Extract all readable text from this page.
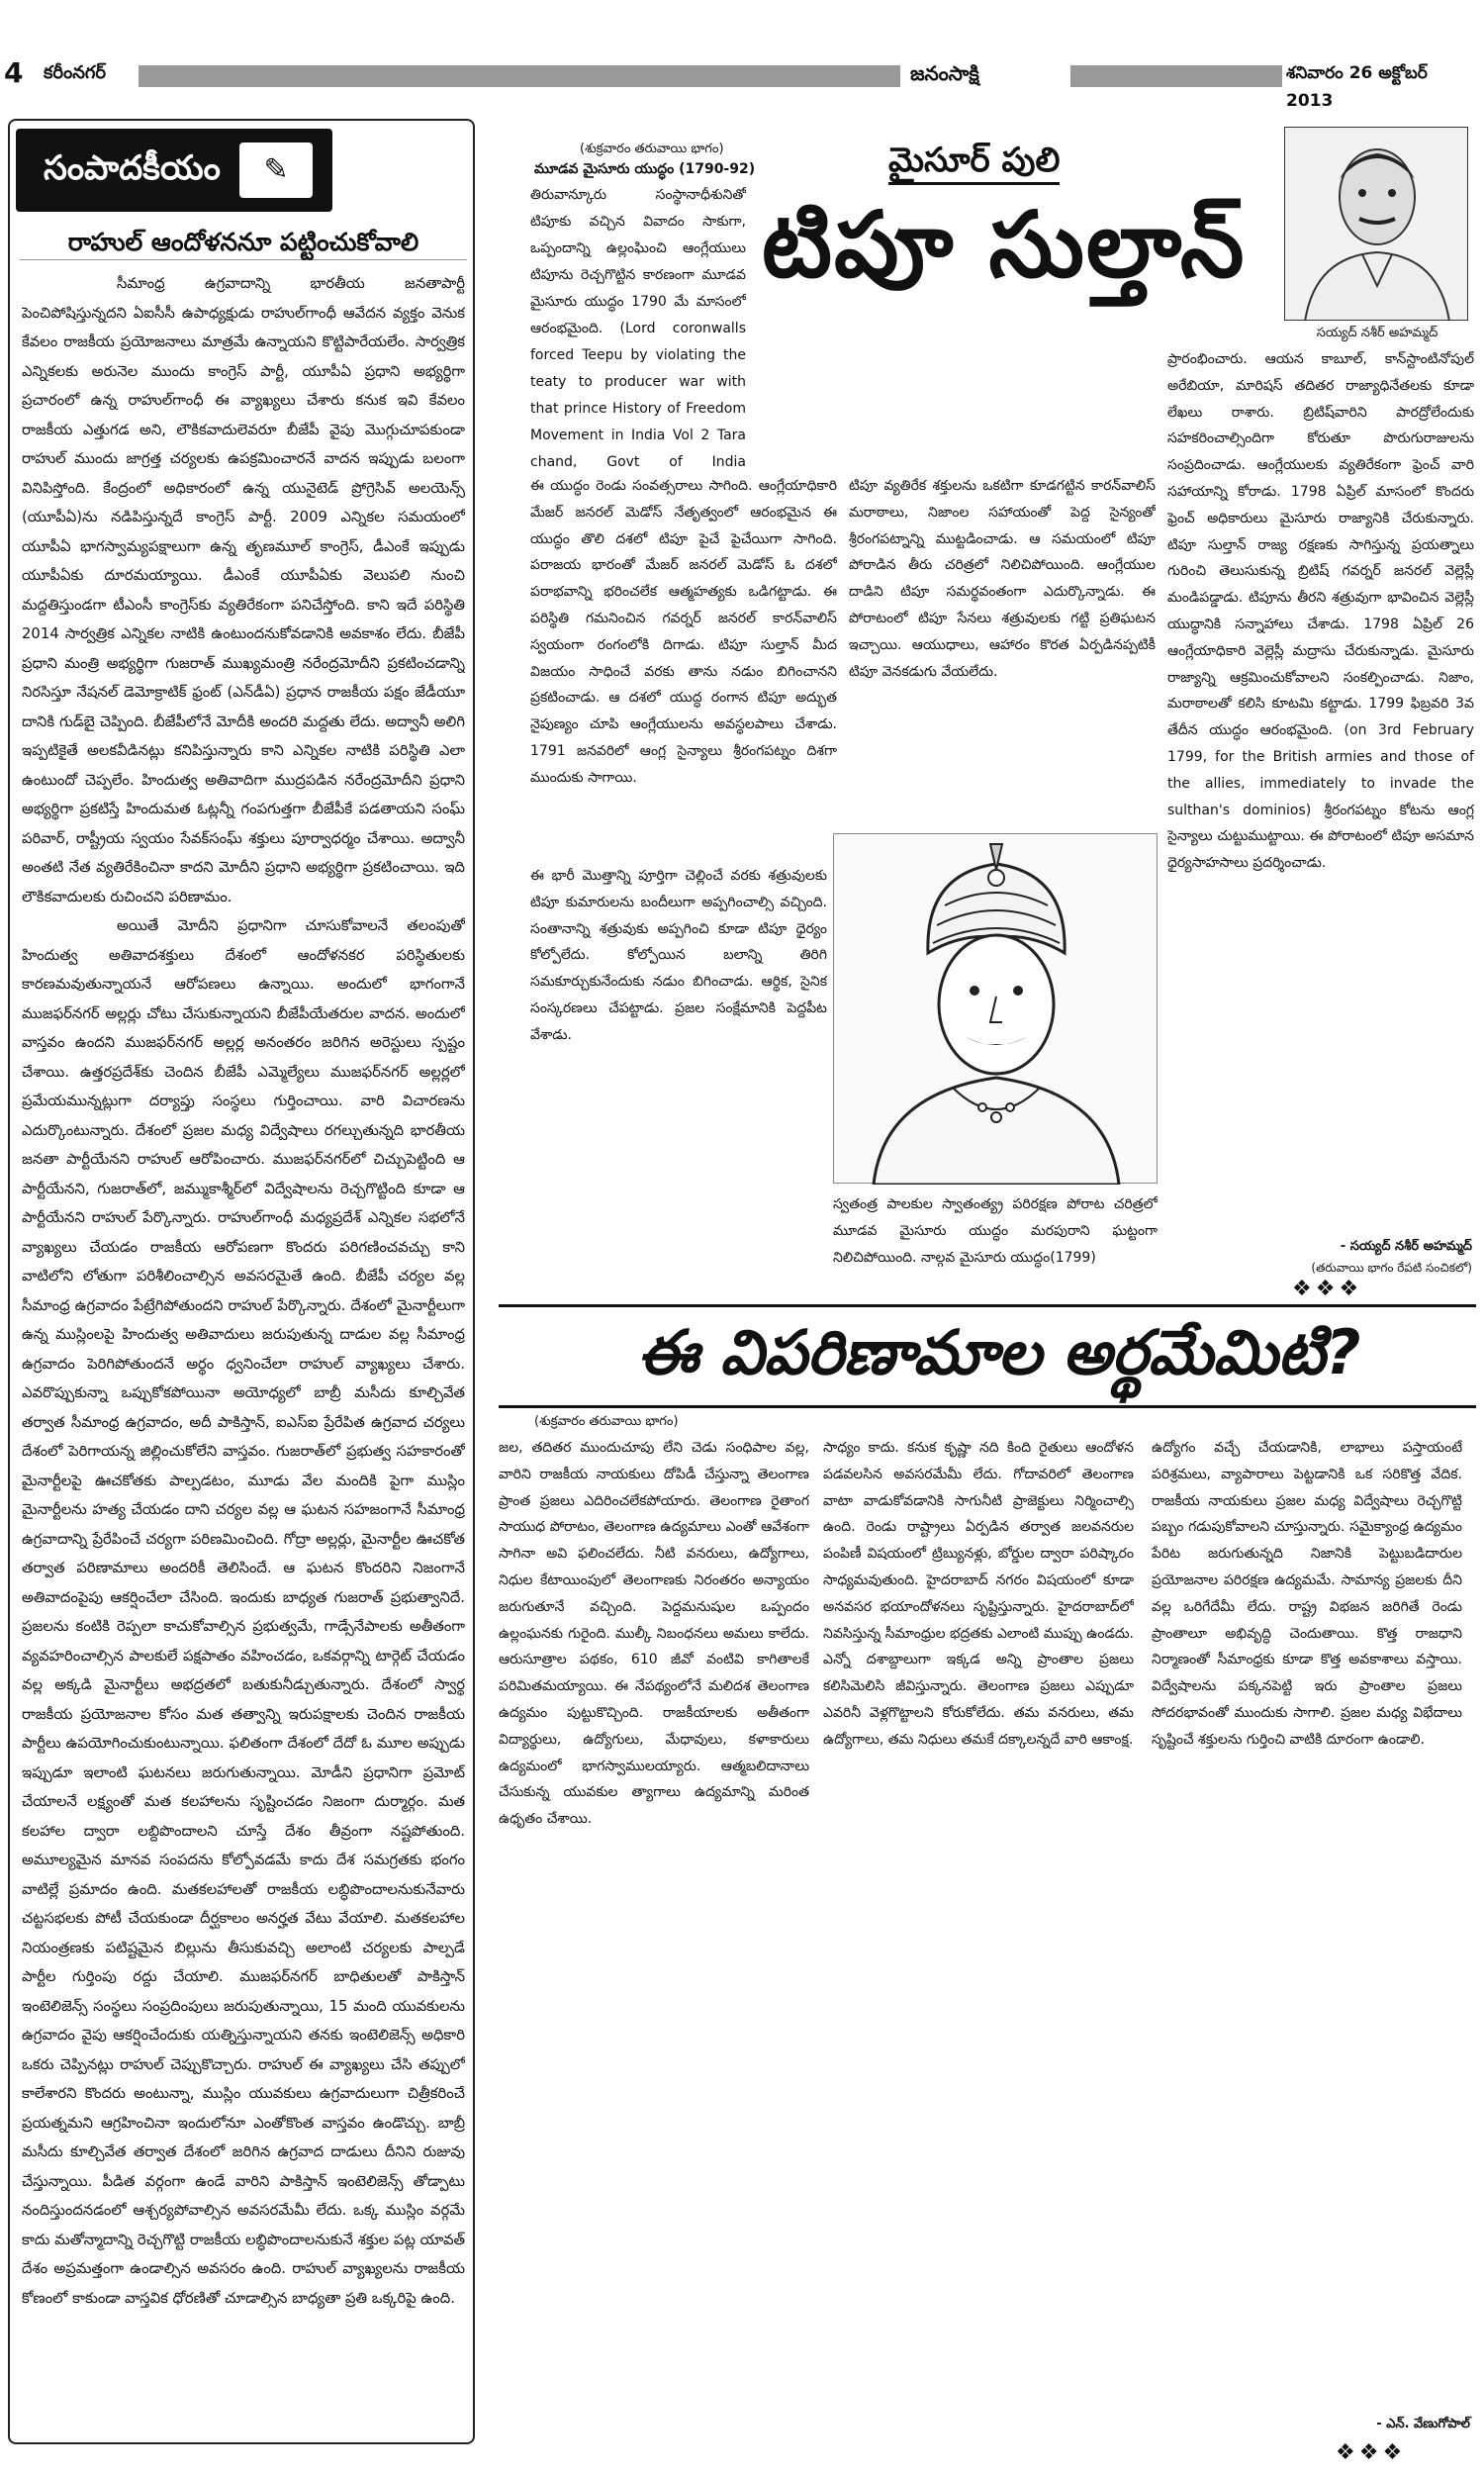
4 కరీంనగర్	జనంసాక్షి	శనివారం 26 అక్టోబర్ 2013
సంపాదకీయం	✎
రాహుల్ ఆందోళననూ పట్టించుకోవాలి

సీమాంధ్ర ఉగ్రవాదాన్ని భారతీయ జనతాపార్టీ పెంచిపోషిస్తున్నదని ఏఐసీసీ ఉపాధ్యక్షుడు రాహుల్‌గాంధీ ఆవేదన వ్యక్తం వెనుక కేవలం రాజకీయ ప్రయోజనాలు మాత్రమే ఉన్నాయని కొట్టిపారేయలేం. సార్వత్రిక ఎన్నికలకు అరునెల ముందు కాంగ్రెస్ పార్టీ, యూపీఏ ప్రధాని అభ్యర్థిగా ప్రచారంలో ఉన్న రాహుల్‌గాంధీ ఈ వ్యాఖ్యలు చేశారు కనుక ఇవి కేవలం రాజకీయ ఎత్తుగడ అని, లౌకికవాదులెవరూ బీజేపీ వైపు మొగ్గుచూపకుండా రాహుల్ ముందు జాగ్రత్త చర్యలకు ఉపక్రమించారనే వాదన ఇప్పుడు బలంగా వినిపిస్తోంది. కేంద్రంలో అధికారంలో ఉన్న యునైటెడ్ ప్రోగ్రెసివ్ అలయెన్స్ (యూపీఏ)ను నడిపిస్తున్నదే కాంగ్రెస్ పార్టీ. 2009 ఎన్నికల సమయంలో యూపీఏ భాగస్వామ్యపక్షాలుగా ఉన్న తృణమూల్ కాంగ్రెస్, డీఎంకే ఇప్పుడు యూపీఏకు దూరమయ్యాయి. డీఎంకే యూపీఏకు వెలుపలి నుంచి మద్దతిస్తుండగా టీఎంసీ కాంగ్రెస్‌కు వ్యతిరేకంగా పనిచేస్తోంది. కాని ఇదే పరిస్థితి 2014 సార్వత్రిక ఎన్నికల నాటికి ఉంటుందనుకోవడానికి అవకాశం లేదు. బీజేపీ ప్రధాని మంత్రి అభ్యర్థిగా గుజరాత్ ముఖ్యమంత్రి నరేంద్రమోదీని ప్రకటించడాన్ని నిరసిస్తూ నేషనల్ డెమోక్రాటిక్ ఫ్రంట్ (ఎన్‌డీఏ) ప్రధాన రాజకీయ పక్షం జేడీయూ దానికి గుడ్‌బై చెప్పింది. బీజేపీలోనే మోదీకి అందరి మద్దతు లేదు. అద్వానీ అలిగి ఇప్పటికైతే అలకవీడినట్లు కనిపిస్తున్నారు కాని ఎన్నికల నాటికి పరిస్థితి ఎలా ఉంటుందో చెప్పలేం. హిందుత్వ అతివాదిగా ముద్రపడిన నరేంద్రమోదీని ప్రధాని అభ్యర్థిగా ప్రకటిస్తే హిందుమత ఓట్లన్నీ గంపగుత్తగా బీజేపీకే పడతాయని సంఘ్ పరివార్, రాష్ట్రీయ స్వయం సేవక్‌సంఘ్ శక్తులు పూర్వాధర్మం చేశాయి. అద్వానీ అంతటి నేత వ్యతిరేకించినా కాదని మోదీని ప్రధాని అభ్యర్థిగా ప్రకటించాయి. ఇది లౌకికవాదులకు రుచించని పరిణామం.

అయితే మోదీని ప్రధానిగా చూసుకోవాలనే తలంపుతో హిందుత్వ అతివాదశక్తులు దేశంలో ఆందోళనకర పరిస్థితులకు కారణమవుతున్నాయనే ఆరోపణలు ఉన్నాయి. అందులో భాగంగానే ముజఫర్‌నగర్ అల్లర్లు చోటు చేసుకున్నాయని బీజేపీయేతరుల వాదన. అందులో వాస్తవం ఉందని ముజఫర్‌నగర్ అల్లర్ల అనంతరం జరిగిన అరెస్టులు స్పష్టం చేశాయి. ఉత్తరప్రదేశ్‌కు చెందిన బీజేపీ ఎమ్మెల్యేలు ముజఫర్‌నగర్ అల్లర్లలో ప్రమేయమున్నట్లుగా దర్యాప్తు సంస్థలు గుర్తించాయి. వారి విచారణను ఎదుర్కొంటున్నారు. దేశంలో ప్రజల మధ్య విద్వేషాలు రగల్చుతున్నది భారతీయ జనతా పార్టీయేనని రాహుల్ ఆరోపించారు. ముజఫర్‌నగర్‌లో చిచ్చుపెట్టింది ఆ పార్టీయేనని, గుజరాత్‌లో, జమ్ముకాశ్మీర్‌లో విద్వేషాలను రెచ్చగొట్టింది కూడా ఆ పార్టీయేనని రాహుల్ పేర్కొన్నారు. రాహుల్‌గాంధీ మధ్యప్రదేశ్ ఎన్నికల సభలోనే వ్యాఖ్యలు చేయడం రాజకీయ ఆరోపణగా కొందరు పరిగణించవచ్చు కాని వాటిలోని లోతుగా పరిశీలించాల్సిన అవసరమైతే ఉంది. బీజేపీ చర్యల వల్ల సీమాంధ్ర ఉగ్రవాదం పేట్రేగిపోతుందని రాహుల్ పేర్కొన్నారు. దేశంలో మైనార్టీలుగా ఉన్న ముస్లింలపై హిందుత్వ అతివాదులు జరుపుతున్న దాడుల వల్ల సీమాంధ్ర ఉగ్రవాదం పెరిగిపోతుందనే అర్థం ధ్వనించేలా రాహుల్ వ్యాఖ్యలు చేశారు. ఎవరొప్పుకున్నా ఒప్పుకోకపోయినా అయోధ్యలో బాబ్రీ మసీదు కూల్చివేత తర్వాత సీమాంధ్ర ఉగ్రవాదం, అదీ పాకిస్తాన్, ఐఎస్ఐ ప్రేరేపిత ఉగ్రవాద చర్యలు దేశంలో పెరిగాయన్న జిల్లించుకోలేని వాస్తవం. గుజరాత్‌లో ప్రభుత్వ సహకారంతో మైనార్టీలపై ఊచకోతకు పాల్పడటం, మూడు వేల మందికి పైగా ముస్లిం మైనార్టీలను హత్య చేయడం దాని చర్యల వల్ల ఆ ఘటన సహజంగానే సీమాంధ్ర ఉగ్రవాదాన్ని ప్రేరేపించే చర్యగా పరిణమించింది. గోద్రా అల్లర్లు, మైనార్టీల ఊచకోత తర్వాత పరిణామాలు అందరికీ తెలిసిందే. ఆ ఘటన కొందరిని నిజంగానే అతివాదంపైపు ఆకర్షించేలా చేసింది. ఇందుకు బాధ్యత గుజరాత్ ప్రభుత్వానిదే. ప్రజలను కంటికి రెప్పలా కాచుకోవాల్సిన ప్రభుత్వమే, గాడ్సేనేపాలకు అతీతంగా వ్యవహరించాల్సిన పాలకులే పక్షపాతం వహించడం, ఒకవర్గాన్ని టార్గెట్ చేయడం వల్ల అక్కడి మైనార్టీలు అభద్రతలో బతుకునీడ్చుతున్నారు. దేశంలో స్వార్థ రాజకీయ ప్రయోజనాల కోసం మత తత్వాన్ని ఇరుపక్షాలకు చెందిన రాజకీయ పార్టీలు ఉపయోగించుకుంటున్నాయి. ఫలితంగా దేశంలో దేదో ఓ మూల అప్పుడు ఇప్పుడూ ఇలాంటి ఘటనలు జరుగుతున్నాయి. మోడీని ప్రధానిగా ప్రమోట్ చేయాలనే లక్ష్యంతో మత కలహాలను సృష్టించడం నిజంగా దుర్మార్గం. మత కలహాల ద్వారా లబ్దిపొందాలని చూస్తే దేశం తీవ్రంగా నష్టపోతుంది. అమూల్యమైన మానవ సంపదను కోల్పోవడమే కాదు దేశ సమగ్రతకు భంగం వాటిల్లే ప్రమాదం ఉంది. మతకలహాలతో రాజకీయ లబ్ధిపొందాలనుకునేవారు చట్టసభలకు పోటీ చేయకుండా దీర్ఘకాలం అనర్హత వేటు వేయాలి. మతకలహాల నియంత్రణకు పటిష్టమైన బిల్లును తీసుకువచ్చి అలాంటి చర్యలకు పాల్పడే పార్టీల గుర్తింపు రద్దు చేయాలి. ముజఫర్‌నగర్ బాధితులతో పాకిస్తాన్ ఇంటెలిజెన్స్ సంస్థలు సంప్రదింపులు జరుపుతున్నాయి, 15 మంది యువకులను ఉగ్రవాదం వైపు ఆకర్షించేందుకు యత్నిస్తున్నాయని తనకు ఇంటెలిజెన్స్ అధికారి ఒకరు చెప్పినట్లు రాహుల్ చెప్పుకొచ్చారు. రాహుల్ ఈ వ్యాఖ్యలు చేసి తప్పులో కాలేశారని కొందరు అంటున్నా, ముస్లిం యువకులు ఉగ్రవాదులుగా చిత్రీకరించే ప్రయత్నమని ఆగ్రహించినా ఇందులోనూ ఎంతోకొంత వాస్తవం ఉండొచ్చు. బాబ్రీ మసీదు కూల్చివేత తర్వాత దేశంలో జరిగిన ఉగ్రవాద దాడులు దీనిని రుజువు చేస్తున్నాయి. పీడిత వర్గంగా ఉండే వారిని పాకిస్తాన్ ఇంటెలిజెన్స్ తోడ్పాటు నందిస్తుందనడంలో ఆశ్చర్యపోవాల్సిన అవసరమేమీ లేదు. ఒక్క ముస్లిం వర్గమే కాదు మతోన్మాదాన్ని రెచ్చగొట్టి రాజకీయ లబ్ధిపొందాలనుకునే శక్తుల పట్ల యావత్ దేశం అప్రమత్తంగా ఉండాల్సిన అవసరం ఉంది. రాహుల్ వ్యాఖ్యలను రాజకీయ కోణంలో కాకుండా వాస్తవిక ధోరణితో చూడాల్సిన బాధ్యతా ప్రతి ఒక్కరిపై ఉంది.

(శుక్రవారం తరువాయి భాగం)
మూడవ మైసూరు యుద్ధం (1790-92)
తిరువాన్కూరు సంస్థానాధీశునితో టిపూకు వచ్చిన వివాదం సాకుగా, ఒప్పందాన్ని ఉల్లంఘించి ఆంగ్లేయులు టిపూను రెచ్చగొట్టిన కారణంగా మూడవ మైసూరు యుద్ధం 1790 మే మాసంలో ఆరంభమైంది. (Lord coronwalls forced Teepu by violating the teaty to producer war with that prince History of Freedom Movement in India Vol 2 Tara chand, Govt of India
మైసూర్ పులి
టిపూ సుల్తాన్
సయ్యద్ నశీర్ అహమ్మద్
ఈ యుద్ధం రెండు సంవత్సరాలు సాగింది. ఆంగ్లేయాధికారి మేజర్ జనరల్ మెడోస్ నేతృత్వంలో ఆరంభమైన ఈ యుద్ధం తొలి దశలో టిపూ పైచే పైచేయిగా సాగింది. పరాజయ భారంతో మేజర్ జనరల్ మెడోస్ ఓ దశలో పరాభవాన్ని భరించలేక ఆత్మహత్యకు ఒడిగట్టాడు. ఈ పరిస్థితి గమనించిన గవర్నర్ జనరల్ కారన్‌వాలిస్ స్వయంగా రంగంలోకి దిగాడు. టిపూ సుల్తాన్ మీద విజయం సాధించే వరకు తాను నడుం బిగించానని ప్రకటించాడు. ఆ దశలో యుద్ధ రంగాన టిపూ అద్భుత నైపుణ్యం చూపి ఆంగ్లేయులను అవస్థలపాలు చేశాడు. 1791 జనవరిలో ఆంగ్ల సైన్యాలు శ్రీరంగపట్నం దిశగా ముందుకు సాగాయి.
టిపూ వ్యతిరేక శక్తులను ఒకటిగా కూడగట్టిన కారన్‌వాలిస్ మరాఠాలు, నిజాంల సహాయంతో పెద్ద సైన్యంతో శ్రీరంగపట్నాన్ని ముట్టడించాడు. ఆ సమయంలో టిపూ పోరాడిన తీరు చరిత్రలో నిలిచిపోయింది. ఆంగ్లేయుల దాడిని టిపూ సమర్థవంతంగా ఎదుర్కొన్నాడు. ఈ పోరాటంలో టిపూ సేనలు శత్రువులకు గట్టి ప్రతిఘటన ఇచ్చాయి. ఆయుధాలు, ఆహారం కొరత ఏర్పడినప్పటికీ టిపూ వెనకడుగు వేయలేదు.
ప్రారంభించారు. ఆయన కాబూల్, కాన్‌స్టాంటినోపుల్ అరేబియా, మారిషస్ తదితర రాజ్యాధినేతలకు కూడా లేఖలు రాశారు. బ్రిటిష్‌వారిని పారద్రోలేందుకు సహకరించాల్సిందిగా కోరుతూ పొరుగురాజులను సంప్రదించాడు. ఆంగ్లేయులకు వ్యతిరేకంగా ఫ్రెంచ్ వారి సహాయాన్ని కోరాడు. 1798 ఏప్రిల్ మాసంలో కొందరు ఫ్రెంచ్ అధికారులు మైసూరు రాజ్యానికి చేరుకున్నారు. టిపూ సుల్తాన్ రాజ్య రక్షణకు సాగిస్తున్న ప్రయత్నాలు గురించి తెలుసుకున్న బ్రిటిష్ గవర్నర్ జనరల్ వెల్లెస్లీ మండిపడ్డాడు. టిపూను తీరని శత్రువుగా భావించిన వెల్లెస్లీ యుద్ధానికి సన్నాహాలు చేశాడు. 1798 ఏప్రిల్ 26 ఆంగ్లేయాధికారి వెల్లెస్లీ మద్రాసు చేరుకున్నాడు. మైసూరు రాజ్యాన్ని ఆక్రమించుకోవాలని సంకల్పించాడు. నిజాం, మరాఠాలతో కలిసి కూటమి కట్టాడు. 1799 ఫిబ్రవరి 3వ తేదీన యుద్ధం ఆరంభమైంది. (on 3rd February 1799, for the British armies and those of the allies, immediately to invade the sulthan's dominios) శ్రీరంగపట్నం కోటను ఆంగ్ల సైన్యాలు చుట్టుముట్టాయి. ఈ పోరాటంలో టిపూ అసమాన ధైర్యసాహసాలు ప్రదర్శించాడు.
ఈ భారీ మొత్తాన్ని పూర్తిగా చెల్లించే వరకు శత్రువులకు టిపూ కుమారులను బందీలుగా అప్పగించాల్సి వచ్చింది. సంతానాన్ని శత్రువుకు అప్పగించి కూడా టిపూ ధైర్యం కోల్పోలేదు. కోల్పోయిన బలాన్ని తిరిగి సమకూర్చుకునేందుకు నడుం బిగించాడు. ఆర్థిక, సైనిక సంస్కరణలు చేపట్టాడు. ప్రజల సంక్షేమానికి పెద్దపీట వేశాడు.
స్వతంత్ర పాలకుల స్వాతంత్య్ర పరిరక్షణ పోరాట చరిత్రలో మూడవ మైసూరు యుద్ధం మరపురాని ఘట్టంగా నిలిచిపోయింది. నాల్గవ మైసూరు యుద్ధం(1799)
- సయ్యద్ నశీర్ అహమ్మద్
(తరువాయి భాగం రేపటి సంచికలో)
❖❖❖
ఈ విపరిణామాల అర్థమేమిటి?
(శుక్రవారం తరువాయి భాగం)
జల, తదితర ముందుచూపు లేని చెడు సంధిపాల వల్ల, వారిని రాజకీయ నాయకులు దోపిడీ చేస్తున్నా తెలంగాణ ప్రాంత ప్రజలు ఎదిరించలేకపోయారు. తెలంగాణ రైతాంగ సాయుధ పోరాటం, తెలంగాణ ఉద్యమాలు ఎంతో ఆవేశంగా సాగినా అవి ఫలించలేదు. నీటి వనరులు, ఉద్యోగాలు, నిధుల కేటాయింపులో తెలంగాణకు నిరంతరం అన్యాయం జరుగుతూనే వచ్చింది. పెద్దమనుషుల ఒప్పందం ఉల్లంఘనకు గురైంది. ముల్కీ నిబంధనలు అమలు కాలేదు. ఆరుసూత్రాల పథకం, 610 జీవో వంటివి కాగితాలకే పరిమితమయ్యాయి. ఈ నేపథ్యంలోనే మలిదశ తెలంగాణ ఉద్యమం పుట్టుకొచ్చింది. రాజకీయాలకు అతీతంగా విద్యార్థులు, ఉద్యోగులు, మేధావులు, కళాకారులు ఉద్యమంలో భాగస్వాములయ్యారు. ఆత్మబలిదానాలు చేసుకున్న యువకుల త్యాగాలు ఉద్యమాన్ని మరింత ఉధృతం చేశాయి.
సాధ్యం కాదు. కనుక కృష్ణా నది కింది రైతులు ఆందోళన పడవలసిన అవసరమేమీ లేదు. గోదావరిలో తెలంగాణ వాటా వాడుకోవడానికి సాగునీటి ప్రాజెక్టులు నిర్మించాల్సి ఉంది. రెండు రాష్ట్రాలు ఏర్పడిన తర్వాత జలవనరుల పంపిణీ విషయంలో ట్రిబ్యునళ్లు, బోర్డుల ద్వారా పరిష్కారం సాధ్యమవుతుంది. హైదరాబాద్ నగరం విషయంలో కూడా అనవసర భయాందోళనలు సృష్టిస్తున్నారు. హైదరాబాద్‌లో నివసిస్తున్న సీమాంధ్రుల భద్రతకు ఎలాంటి ముప్పు ఉండదు. ఎన్నో దశాబ్దాలుగా ఇక్కడ అన్ని ప్రాంతాల ప్రజలు కలిసిమెలిసి జీవిస్తున్నారు. తెలంగాణ ప్రజలు ఎప్పుడూ ఎవరినీ వెళ్లగొట్టాలని కోరుకోలేదు. తమ వనరులు, తమ ఉద్యోగాలు, తమ నిధులు తమకే దక్కాలన్నదే వారి ఆకాంక్ష.
ఉద్యోగం వచ్చే చేయడానికి, లాభాలు పస్తాయంటే పరిశ్రమలు, వ్యాపారాలు పెట్టడానికి ఒక సరికొత్త వేదిక. రాజకీయ నాయకులు ప్రజల మధ్య విద్వేషాలు రెచ్చగొట్టి పబ్బం గడుపుకోవాలని చూస్తున్నారు. సమైక్యాంధ్ర ఉద్యమం పేరిట జరుగుతున్నది నిజానికి పెట్టుబడిదారుల ప్రయోజనాల పరిరక్షణ ఉద్యమమే. సామాన్య ప్రజలకు దీని వల్ల ఒరిగేదేమీ లేదు. రాష్ట్ర విభజన జరిగితే రెండు ప్రాంతాలూ అభివృద్ధి చెందుతాయి. కొత్త రాజధాని నిర్మాణంతో సీమాంధ్రకు కూడా కొత్త అవకాశాలు వస్తాయి. విద్వేషాలను పక్కనపెట్టి ఇరు ప్రాంతాల ప్రజలు సోదరభావంతో ముందుకు సాగాలి. ప్రజల మధ్య విభేదాలు సృష్టించే శక్తులను గుర్తించి వాటికి దూరంగా ఉండాలి.
- ఎన్. వేణుగోపాల్
❖❖❖
